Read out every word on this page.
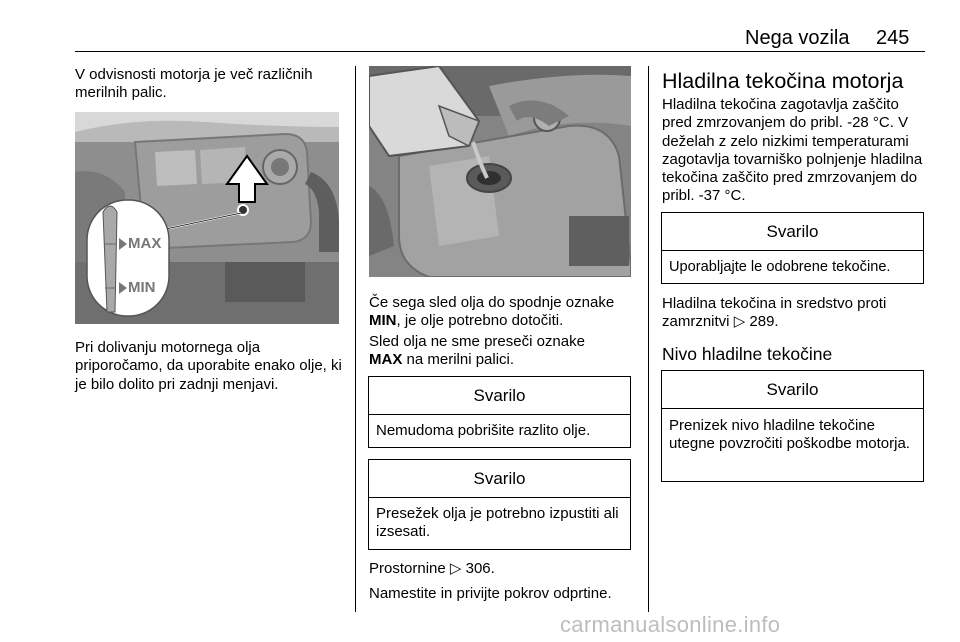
Nega vozila 245

V odvisnosti motorja je več različnih merilnih palic.

MAX
MIN

Pri dolivanju motornega olja priporočamo, da uporabite enako olje, ki je bilo dolito pri zadnji menjavi.

Če sega sled olja do spodnje oznake
MIN, je olje potrebno dotočiti.

Sled olja ne sme preseči oznake
MAX na merilni palici.

Svarilo
Nemudoma pobrišite razlito olje.
Svarilo
Presežek olja je potrebno izpustiti ali izsesati.

Prostornine ▷ 306.

Namestite in privijte pokrov odprtine.

Hladilna tekočina motorja

Hladilna tekočina zagotavlja zaščito pred zmrzovanjem do pribl. -28 °C. V deželah z zelo nizkimi temperaturami zagotavlja tovarniško polnjenje hladilna tekočina zaščito pred zmrzovanjem do pribl. -37 °C.

Svarilo
Uporabljajte le odobrene tekočine.

Hladilna tekočina in sredstvo proti zamrznitvi ▷ 289.

Nivo hladilne tekočine
Svarilo
Prenizek nivo hladilne tekočine utegne povzročiti poškodbe motorja.
carmanualsonline.info
